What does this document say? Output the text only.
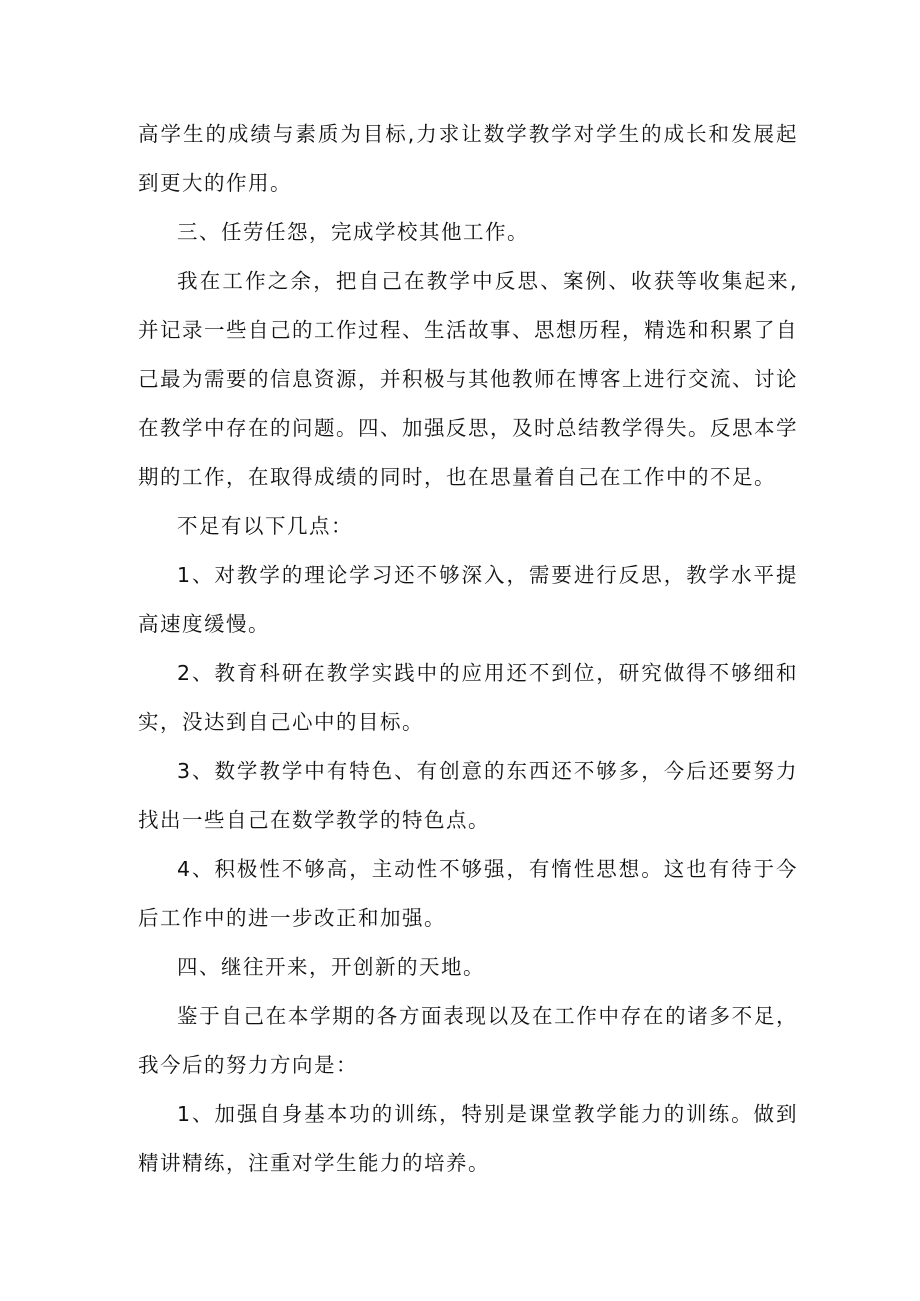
高学生的成绩与素质为目标,力求让数学教学对学生的成长和发展起到更大的作用。

三、任劳任怨，完成学校其他工作。

我在工作之余，把自己在教学中反思、案例、收获等收集起来,并记录一些自己的工作过程、生活故事、思想历程，精选和积累了自己最为需要的信息资源，并积极与其他教师在博客上进行交流、讨论在教学中存在的问题。四、加强反思，及时总结教学得失。反思本学期的工作，在取得成绩的同时，也在思量着自己在工作中的不足。

不足有以下几点：

1、对教学的理论学习还不够深入，需要进行反思，教学水平提高速度缓慢。

2、教育科研在教学实践中的应用还不到位，研究做得不够细和实，没达到自己心中的目标。

3、数学教学中有特色、有创意的东西还不够多，今后还要努力找出一些自己在数学教学的特色点。

4、积极性不够高，主动性不够强，有惰性思想。这也有待于今后工作中的进一步改正和加强。

四、继往开来，开创新的天地。

鉴于自己在本学期的各方面表现以及在工作中存在的诸多不足，我今后的努力方向是：

1、加强自身基本功的训练，特别是课堂教学能力的训练。做到精讲精练，注重对学生能力的培养。
